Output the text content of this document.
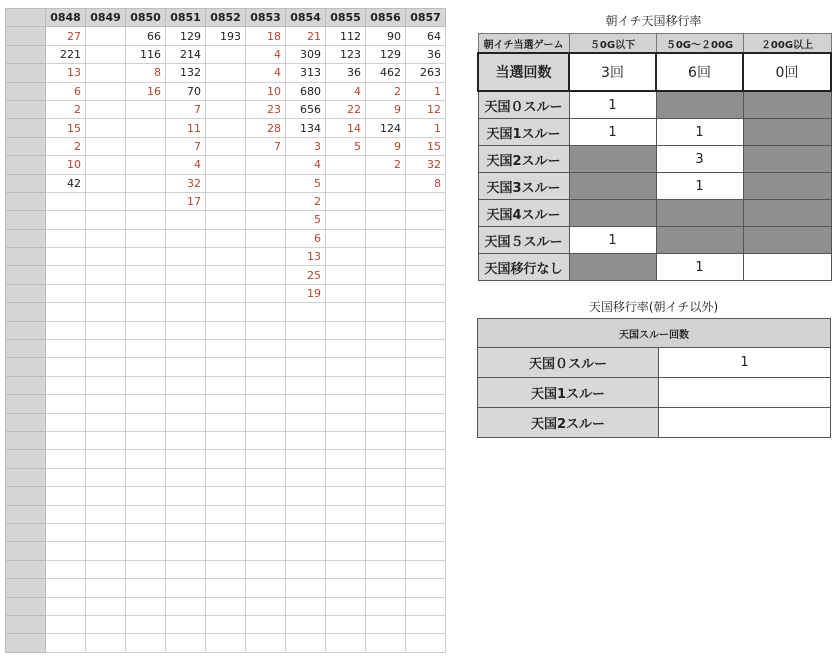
	0848	0849	0850	0851	0852	0853	0854	0855	0856	0857
	27		66	129	193	18	21	112	90	64
	221		116	214		4	309	123	129	36
	13		8	132		4	313	36	462	263
	6		16	70		10	680	4	2	1
	2			7		23	656	22	9	12
	15			11		28	134	14	124	1
	2			7		7	3	5	9	15
	10			4			4		2	32
	42			32			5			8
				17			2			
							5			
							6			
							13			
							25			
							19			

朝イチ天国移行率
朝イチ当選ゲーム	５0G以下	５0G～２00G	２00G以上
当選回数	3回	6回	0回
天国０スルー	1		
天国1スルー	1	1	
天国2スルー		3	
天国3スルー		1	
天国4スルー			
天国５スルー	1		
天国移行なし		1	
天国移行率(朝イチ以外)
天国スルー回数	
天国０スルー	1
天国1スルー	
天国2スルー	
